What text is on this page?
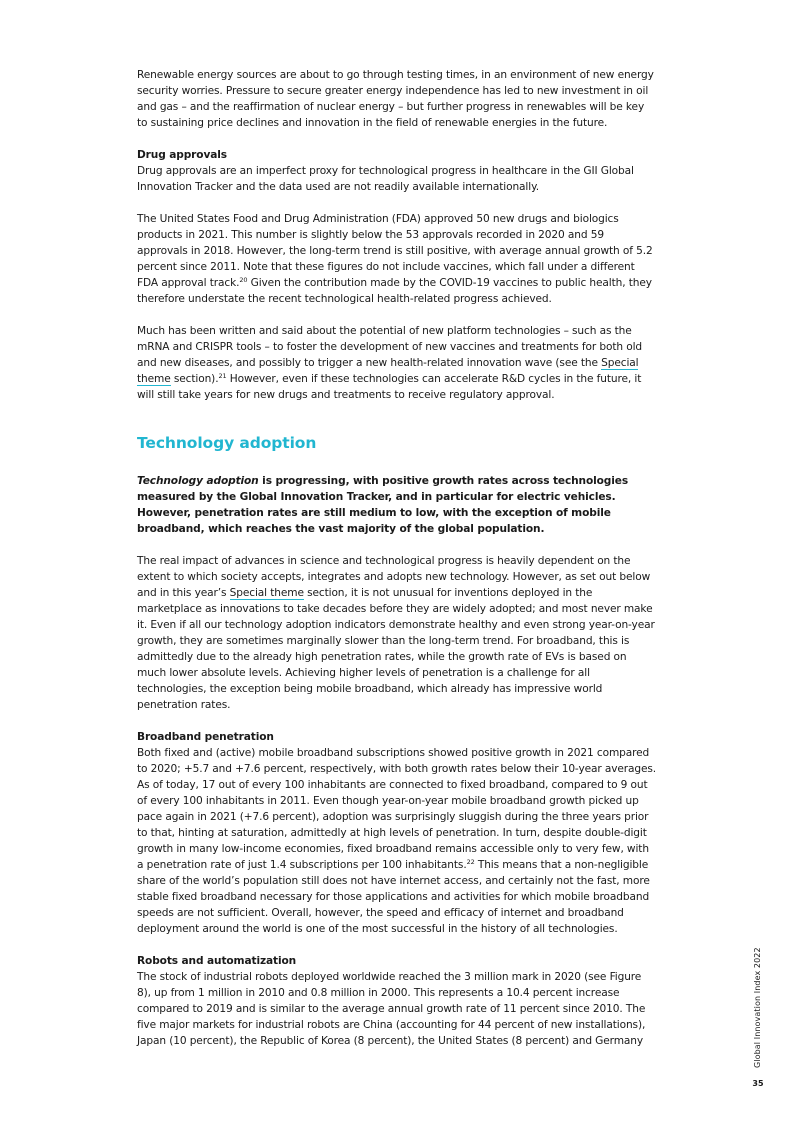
Renewable energy sources are about to go through testing times, in an environment of new energy security worries. Pressure to secure greater energy independence has led to new investment in oil and gas – and the reaffirmation of nuclear energy – but further progress in renewables will be key to sustaining price declines and innovation in the field of renewable energies in the future.

Drug approvals

Drug approvals are an imperfect proxy for technological progress in healthcare in the GII Global Innovation Tracker and the data used are not readily available internationally.

The United States Food and Drug Administration (FDA) approved 50 new drugs and biologics products in 2021. This number is slightly below the 53 approvals recorded in 2020 and 59 approvals in 2018. However, the long-term trend is still positive, with average annual growth of 5.2 percent since 2011. Note that these figures do not include vaccines, which fall under a different FDA approval track.$^{20}$ Given the contribution made by the COVID-19 vaccines to public health, they therefore understate the recent technological health-related progress achieved.

Much has been written and said about the potential of new platform technologies – such as the mRNA and CRISPR tools – to foster the development of new vaccines and treatments for both old and new diseases, and possibly to trigger a new health-related innovation wave (see the Special theme section).$^{21}$ However, even if these technologies can accelerate R&D cycles in the future, it will still take years for new drugs and treatments to receive regulatory approval.

Technology adoption

Technology adoption is progressing, with positive growth rates across technologies measured by the Global Innovation Tracker, and in particular for electric vehicles. However, penetration rates are still medium to low, with the exception of mobile broadband, which reaches the vast majority of the global population.

The real impact of advances in science and technological progress is heavily dependent on the extent to which society accepts, integrates and adopts new technology. However, as set out below and in this year’s Special theme section, it is not unusual for inventions deployed in the marketplace as innovations to take decades before they are widely adopted; and most never make it. Even if all our technology adoption indicators demonstrate healthy and even strong year-on-year growth, they are sometimes marginally slower than the long-term trend. For broadband, this is admittedly due to the already high penetration rates, while the growth rate of EVs is based on much lower absolute levels. Achieving higher levels of penetration is a challenge for all technologies, the exception being mobile broadband, which already has impressive world penetration rates.

Broadband penetration

Both fixed and (active) mobile broadband subscriptions showed positive growth in 2021 compared to 2020; +5.7 and +7.6 percent, respectively, with both growth rates below their 10-year averages. As of today, 17 out of every 100 inhabitants are connected to fixed broadband, compared to 9 out of every 100 inhabitants in 2011. Even though year-on-year mobile broadband growth picked up pace again in 2021 (+7.6 percent), adoption was surprisingly sluggish during the three years prior to that, hinting at saturation, admittedly at high levels of penetration. In turn, despite double-digit growth in many low-income economies, fixed broadband remains accessible only to very few, with a penetration rate of just 1.4 subscriptions per 100 inhabitants.$^{22}$ This means that a non-negligible share of the world’s population still does not have internet access, and certainly not the fast, more stable fixed broadband necessary for those applications and activities for which mobile broadband speeds are not sufficient. Overall, however, the speed and efficacy of internet and broadband deployment around the world is one of the most successful in the history of all technologies.

Robots and automatization

The stock of industrial robots deployed worldwide reached the 3 million mark in 2020 (see Figure 8), up from 1 million in 2010 and 0.8 million in 2000. This represents a 10.4 percent increase compared to 2019 and is similar to the average annual growth rate of 11 percent since 2010. The five major markets for industrial robots are China (accounting for 44 percent of new installations), Japan (10 percent), the Republic of Korea (8 percent), the United States (8 percent) and Germany	Global Innovation Index 2022
35
